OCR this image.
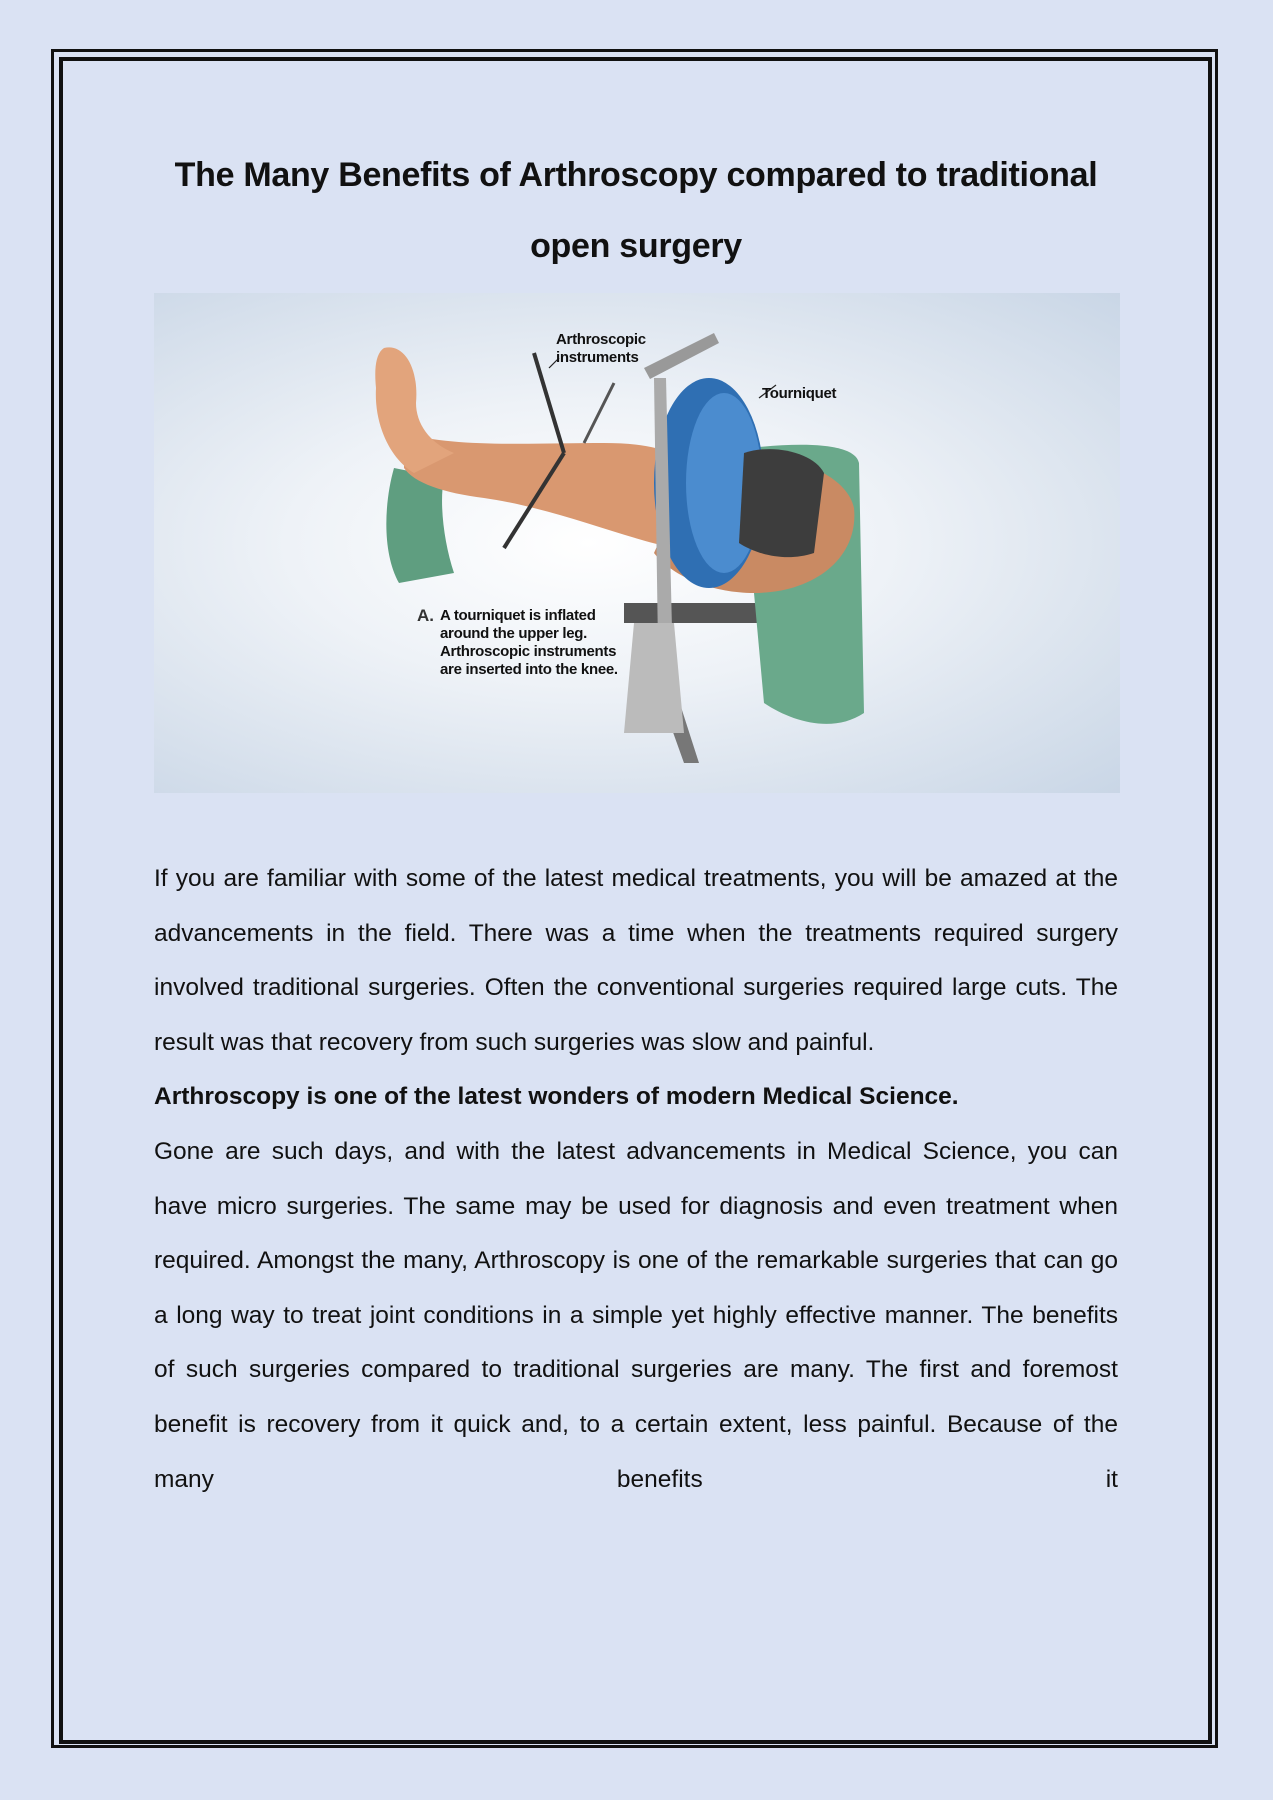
The Many Benefits of Arthroscopy compared to traditional open surgery
Arthroscopic
instruments
Tourniquet
A. A tourniquet is inflated
around the upper leg.
Arthroscopic instruments
are inserted into the knee.

If you are familiar with some of the latest medical treatments, you will be amazed at the advancements in the field. There was a time when the treatments required surgery involved traditional surgeries. Often the conventional surgeries required large cuts. The result was that recovery from such surgeries was slow and painful.

Arthroscopy is one of the latest wonders of modern Medical Science.

Gone are such days, and with the latest advancements in Medical Science, you can have micro surgeries. The same may be used for diagnosis and even treatment when required. Amongst the many, Arthroscopy is one of the remarkable surgeries that can go a long way to treat joint conditions in a simple yet highly effective manner. The benefits of such surgeries compared to traditional surgeries are many. The first and foremost benefit is recovery from it quick and, to a certain extent, less painful. Because of the many benefits it
